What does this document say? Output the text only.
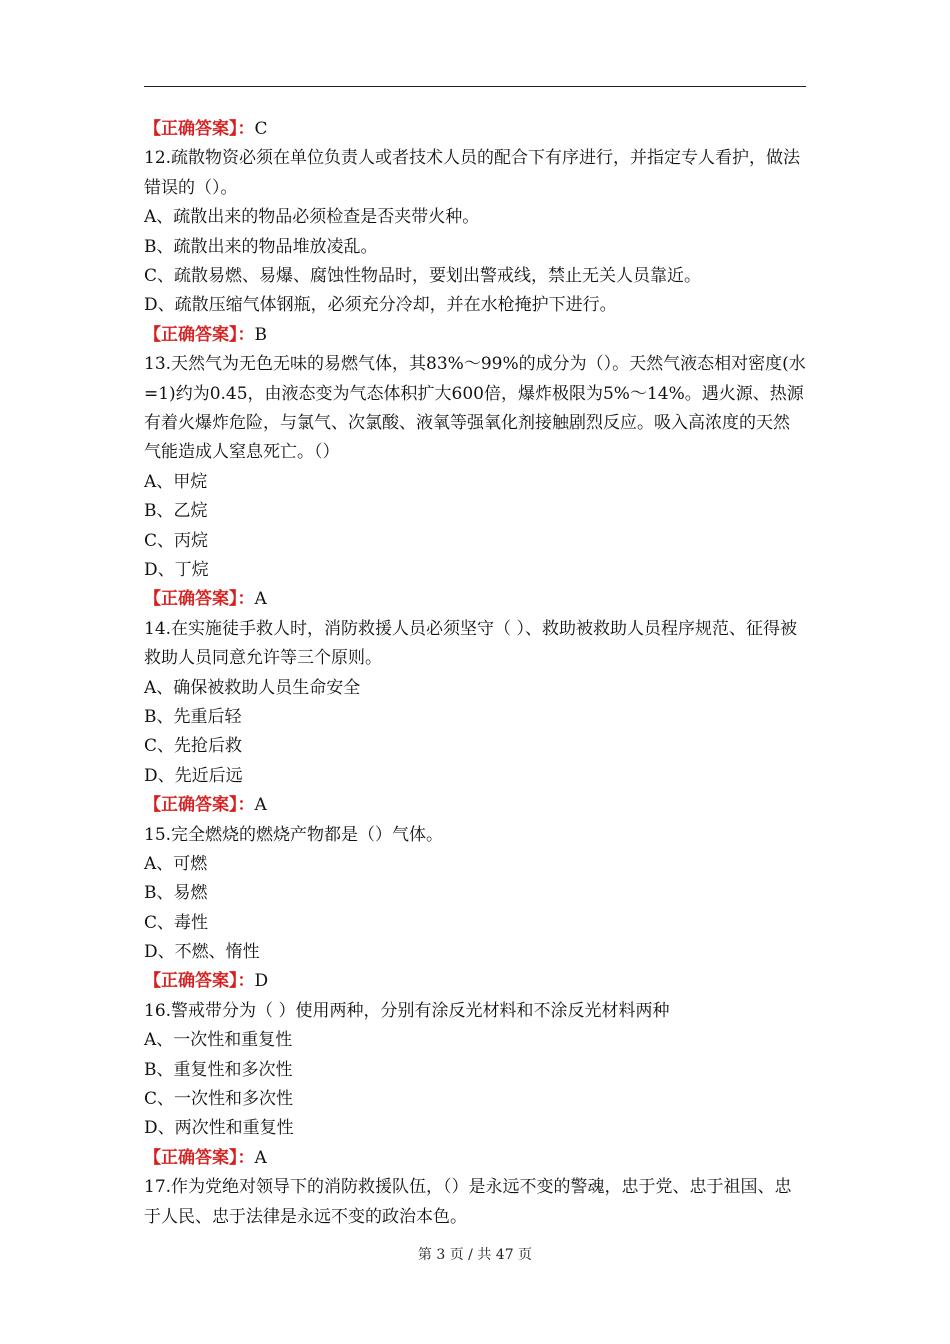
【正确答案】：C
12.疏散物资必须在单位负责人或者技术人员的配合下有序进行，并指定专人看护，做法错误的（）。
A、疏散出来的物品必须检查是否夹带火种。
B、疏散出来的物品堆放凌乱。
C、疏散易燃、易爆、腐蚀性物品时，要划出警戒线，禁止无关人员靠近。
D、疏散压缩气体钢瓶，必须充分冷却，并在水枪掩护下进行。
【正确答案】：B
13.天然气为无色无味的易燃气体，其83%～99%的成分为（）。天然气液态相对密度(水=1)约为0.45，由液态变为气态体积扩大600倍，爆炸极限为5%～14%。遇火源、热源有着火爆炸危险，与氯气、次氯酸、液氧等强氧化剂接触剧烈反应。吸入高浓度的天然气能造成人窒息死亡。（）
A、甲烷
B、乙烷
C、丙烷
D、丁烷
【正确答案】：A
14.在实施徒手救人时，消防救援人员必须坚守（ ）、救助被救助人员程序规范、征得被救助人员同意允许等三个原则。
A、确保被救助人员生命安全
B、先重后轻
C、先抢后救
D、先近后远
【正确答案】：A
15.完全燃烧的燃烧产物都是（）气体。
A、可燃
B、易燃
C、毒性
D、不燃、惰性
【正确答案】：D
16.警戒带分为（ ）使用两种，分别有涂反光材料和不涂反光材料两种
A、一次性和重复性
B、重复性和多次性
C、一次性和多次性
D、两次性和重复性
【正确答案】：A
17.作为党绝对领导下的消防救援队伍，（）是永远不变的警魂，忠于党、忠于祖国、忠于人民、忠于法律是永远不变的政治本色。
第 3 页 / 共 47 页
